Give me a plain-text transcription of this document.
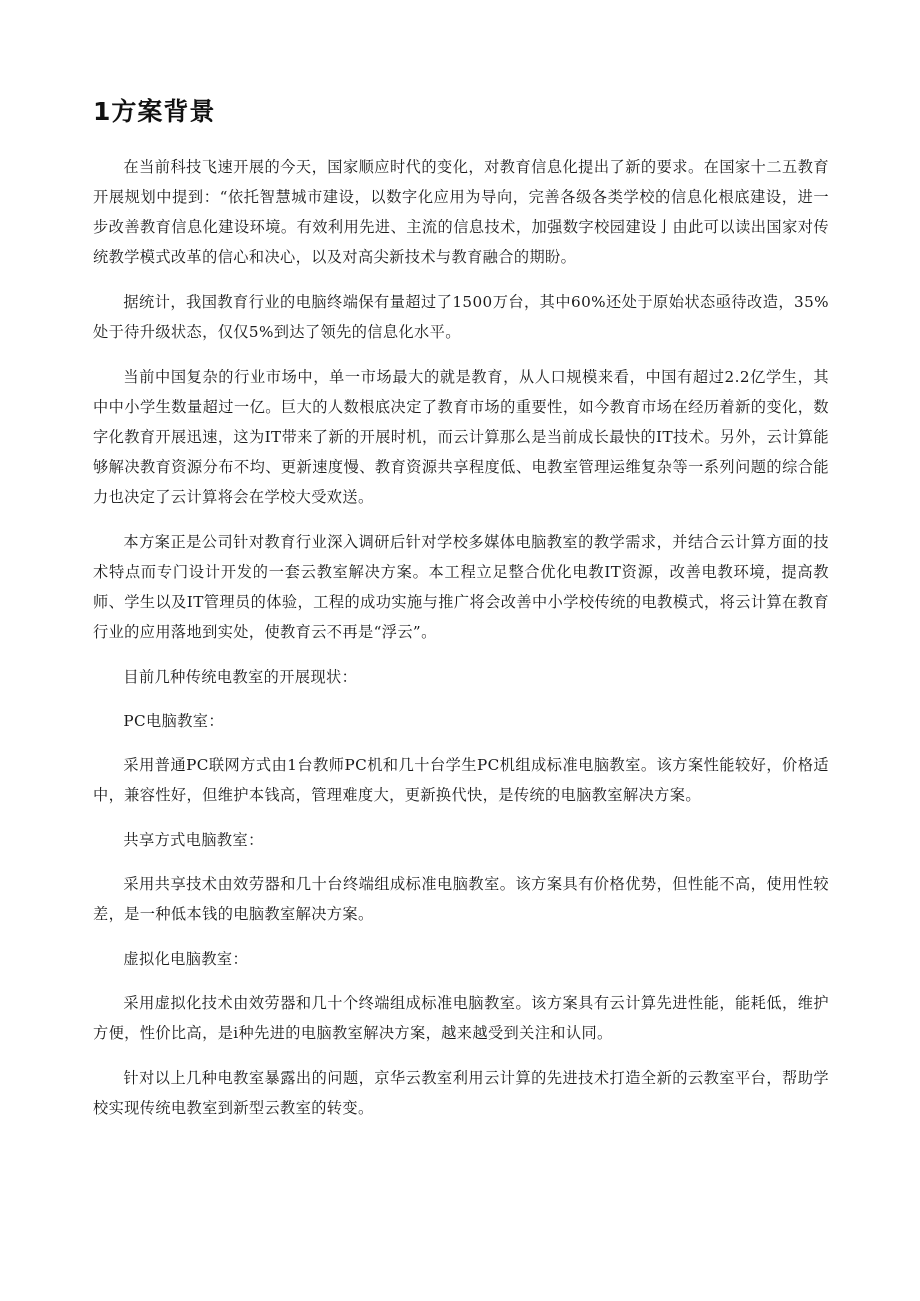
1方案背景

在当前科技飞速开展的今天，国家顺应时代的变化，对教育信息化提出了新的要求。在国家十二五教育开展规划中提到：“依托智慧城市建设，以数字化应用为导向，完善各级各类学校的信息化根底建设，进一步改善教育信息化建设环境。有效利用先进、主流的信息技术，加强数字校园建设亅由此可以读出国家对传统教学模式改革的信心和决心，以及对高尖新技术与教育融合的期盼。

据统计，我国教育行业的电脑终端保有量超过了1500万台，其中60%还处于原始状态亟待改造，35%处于待升级状态，仅仅5%到达了领先的信息化水平。

当前中国复杂的行业市场中，单一市场最大的就是教育，从人口规模来看，中国有超过2.2亿学生，其中中小学生数量超过一亿。巨大的人数根底决定了教育市场的重要性，如今教育市场在经历着新的变化，数字化教育开展迅速，这为IT带来了新的开展时机，而云计算那么是当前成长最快的IT技术。另外，云计算能够解决教育资源分布不均、更新速度慢、教育资源共享程度低、电教室管理运维复杂等一系列问题的综合能力也决定了云计算将会在学校大受欢送。

本方案正是公司针对教育行业深入调研后针对学校多媒体电脑教室的教学需求，并结合云计算方面的技术特点而专门设计开发的一套云教室解决方案。本工程立足整合优化电教IT资源，改善电教环境，提高教师、学生以及IT管理员的体验，工程的成功实施与推广将会改善中小学校传统的电教模式，将云计算在教育行业的应用落地到实处，使教育云不再是“浮云”。

目前几种传统电教室的开展现状：

PC电脑教室：

采用普通PC联网方式由1台教师PC机和几十台学生PC机组成标准电脑教室。该方案性能较好，价格适中，兼容性好，但维护本钱高，管理难度大，更新换代快，是传统的电脑教室解决方案。

共享方式电脑教室：

采用共享技术由效劳器和几十台终端组成标准电脑教室。该方案具有价格优势，但性能不高，使用性较差，是一种低本钱的电脑教室解决方案。

虚拟化电脑教室：

采用虚拟化技术由效劳器和几十个终端组成标准电脑教室。该方案具有云计算先进性能，能耗低，维护方便，性价比高，是i种先进的电脑教室解决方案，越来越受到关注和认同。

针对以上几种电教室暴露出的问题，京华云教室利用云计算的先进技术打造全新的云教室平台，帮助学校实现传统电教室到新型云教室的转变。
